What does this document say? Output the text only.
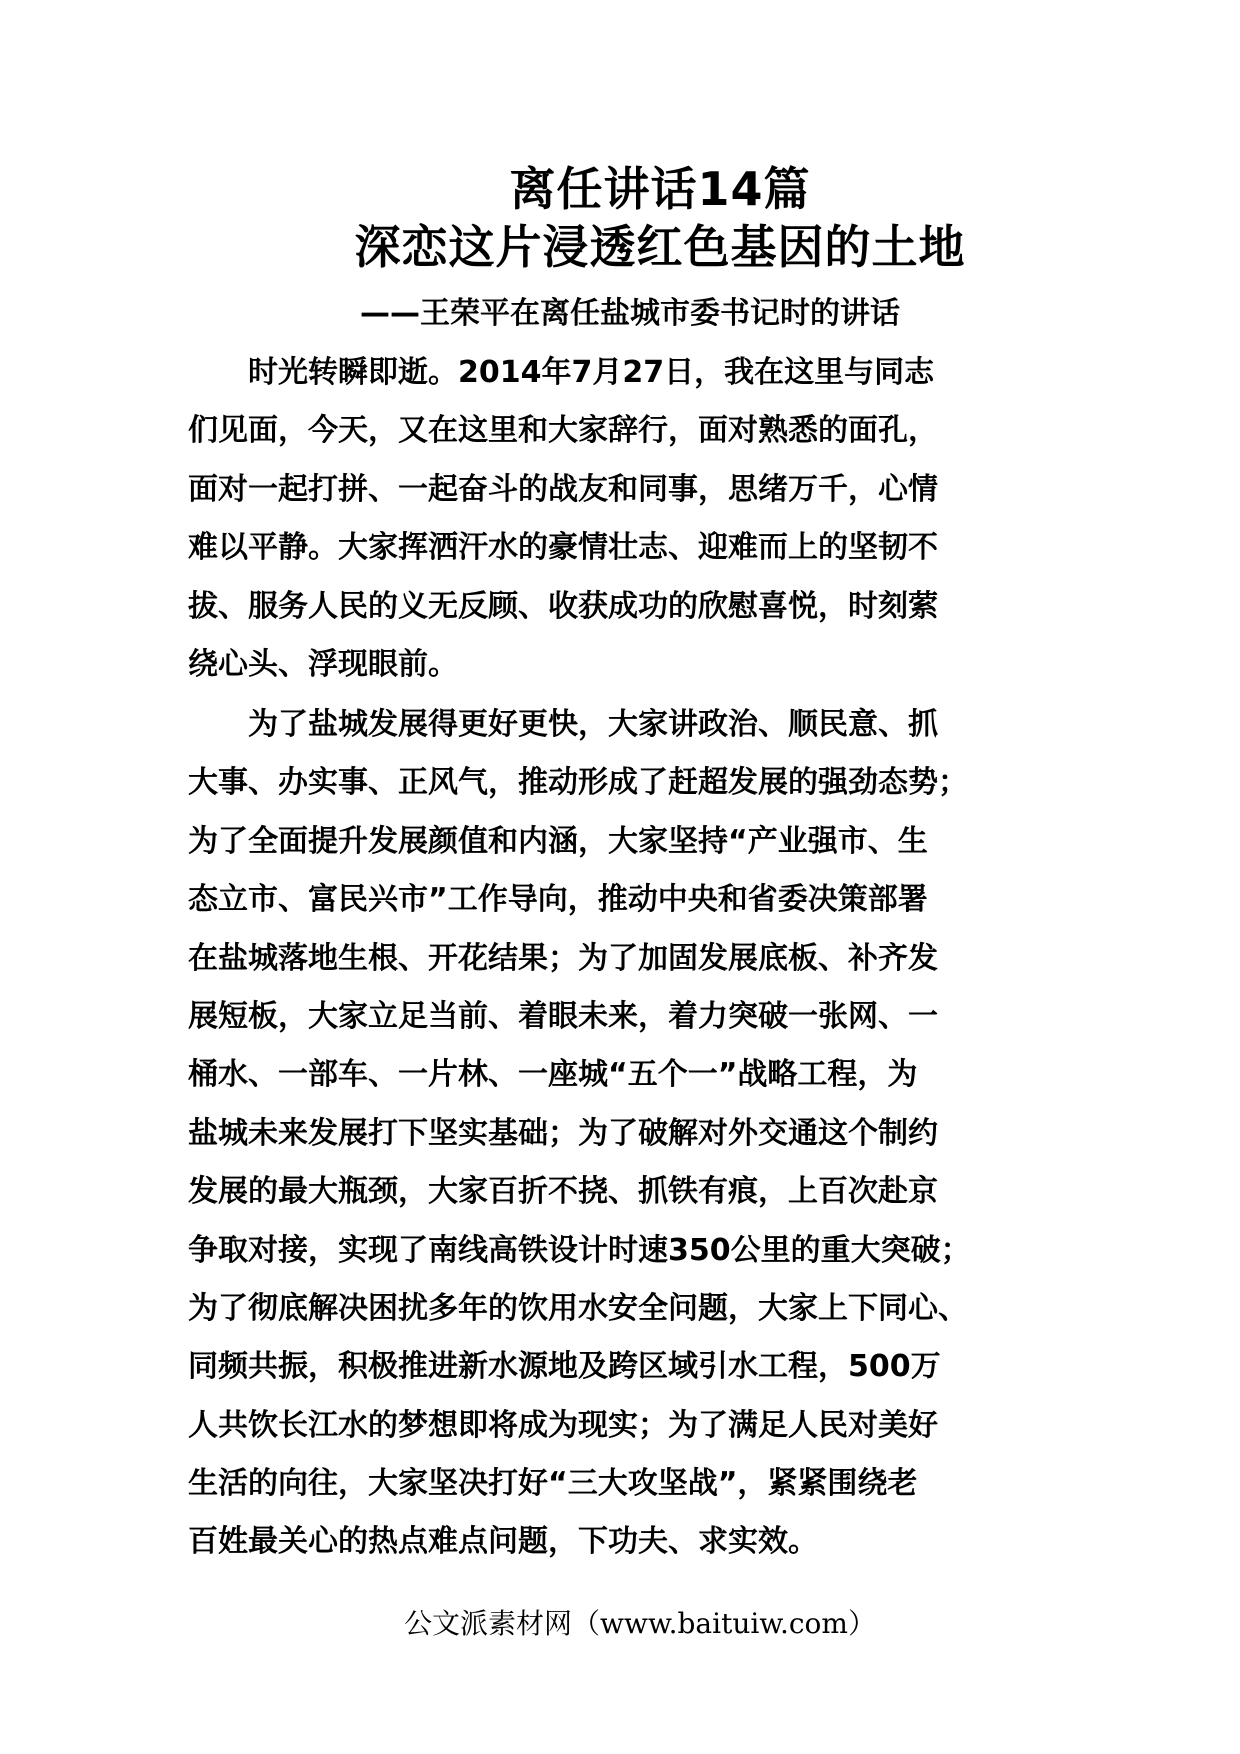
离任讲话14篇
深恋这片浸透红色基因的土地
——王荣平在离任盐城市委书记时的讲话
　　时光转瞬即逝。2014年7月27日，我在这里与同志
们见面，今天，又在这里和大家辞行，面对熟悉的面孔，
面对一起打拼、一起奋斗的战友和同事，思绪万千，心情
难以平静。大家挥洒汗水的豪情壮志、迎难而上的坚韧不
拔、服务人民的义无反顾、收获成功的欣慰喜悦，时刻萦
绕心头、浮现眼前。
　　为了盐城发展得更好更快，大家讲政治、顺民意、抓
大事、办实事、正风气，推动形成了赶超发展的强劲态势；
为了全面提升发展颜值和内涵，大家坚持“产业强市、生
态立市、富民兴市”工作导向，推动中央和省委决策部署
在盐城落地生根、开花结果；为了加固发展底板、补齐发
展短板，大家立足当前、着眼未来，着力突破一张网、一
桶水、一部车、一片林、一座城“五个一”战略工程，为
盐城未来发展打下坚实基础；为了破解对外交通这个制约
发展的最大瓶颈，大家百折不挠、抓铁有痕，上百次赴京
争取对接，实现了南线高铁设计时速350公里的重大突破；
为了彻底解决困扰多年的饮用水安全问题，大家上下同心、
同频共振，积极推进新水源地及跨区域引水工程，500万
人共饮长江水的梦想即将成为现实；为了满足人民对美好
生活的向往，大家坚决打好“三大攻坚战”，紧紧围绕老
百姓最关心的热点难点问题，下功夫、求实效。
公文派素材网（www.baituiw.com）
